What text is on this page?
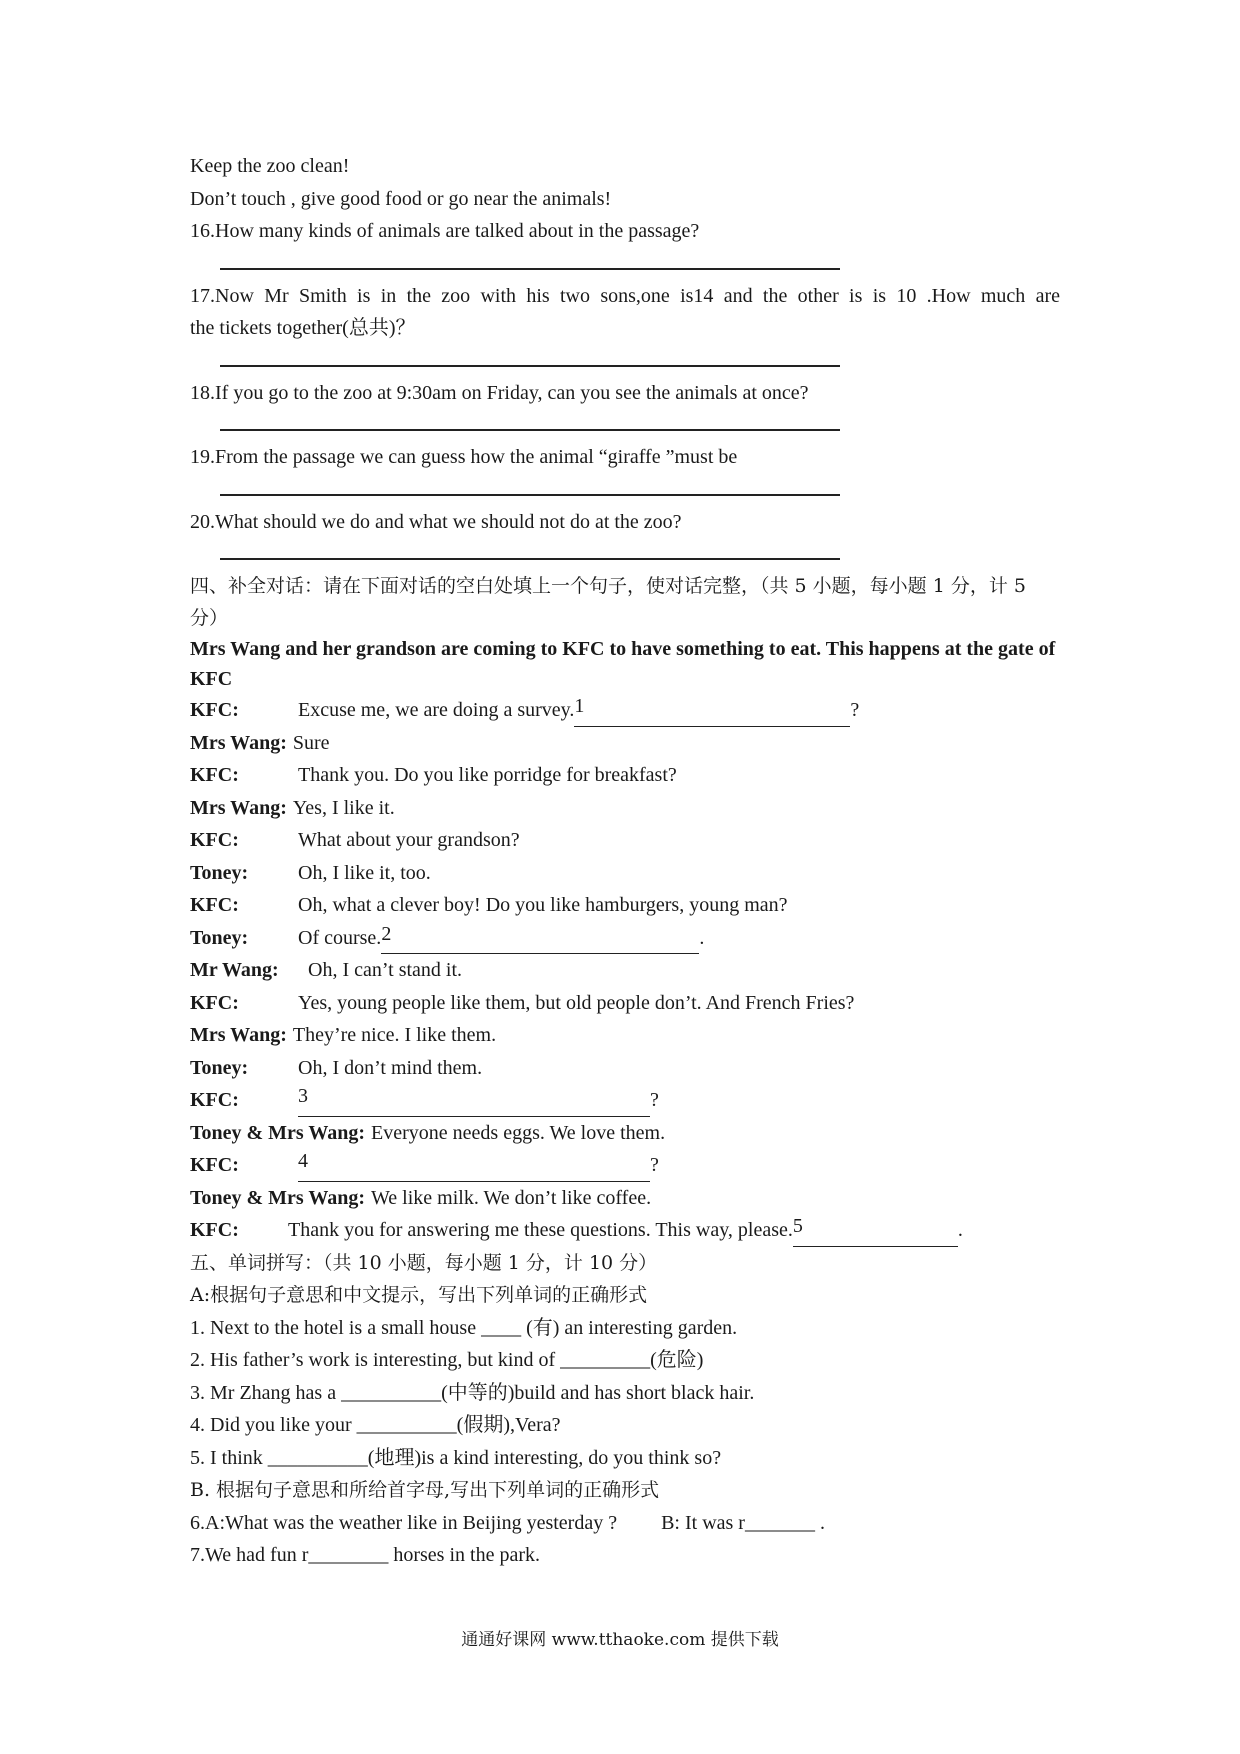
Keep the zoo clean!
Don’t touch , give good food or go near the animals!
16.How many kinds of animals are talked about in the passage?
17.Now Mr Smith is in the zoo with his two sons,one is14 and the other is is 10 .How much are
the tickets together(总共)？
18.If you go to the zoo at 9:30am on Friday, can you see the animals at once?
19.From the passage we can guess how the animal “giraffe ”must be
20.What should we do and what we should not do at the zoo?
四、补全对话：请在下面对话的空白处填上一个句子，使对话完整，（共 5 小题，每小题 1 分，计 5 分）
Mrs Wang and her grandson are coming to KFC to have something to eat. This happens at the gate of KFC
KFC:	Excuse me, we are doing a survey. 1	?
Mrs Wang: Sure
KFC:	Thank you. Do you like porridge for breakfast?
Mrs Wang: Yes, I like it.
KFC:	What about your grandson?
Toney:	Oh, I like it, too.
KFC:	Oh, what a clever boy! Do you like hamburgers, young man?
Toney:	Of course. 2	.
Mr Wang:	Oh, I can’t stand it.
KFC:	Yes, young people like them, but old people don’t. And French Fries?
Mrs Wang: They’re nice. I like them.
Toney:	Oh, I don’t mind them.
KFC:	3	?
Toney & Mrs Wang: Everyone needs eggs. We love them.
KFC:	4	?
Toney & Mrs Wang: We like milk. We don’t like coffee.
KFC:	Thank you for answering me these questions. This way, please. 5	.
五、单词拼写：（共 10 小题，每小题 1 分，计 10 分）
A:根据句子意思和中文提示，写出下列单词的正确形式
1. Next to the hotel is a small house ____ (有) an interesting garden.
2. His father’s work is interesting, but kind of _________(危险)
3. Mr Zhang has a __________(中等的)build and has short black hair.
4. Did you like your __________(假期),Vera?
5. I think __________(地理)is a kind interesting, do you think so?
B. 根据句子意思和所给首字母,写出下列单词的正确形式
6.A:What was the weather like in Beijing yesterday ? B: It was r_______ .
7.We had fun r________ horses in the park.
通通好课网 www.tthaoke.com 提供下载
